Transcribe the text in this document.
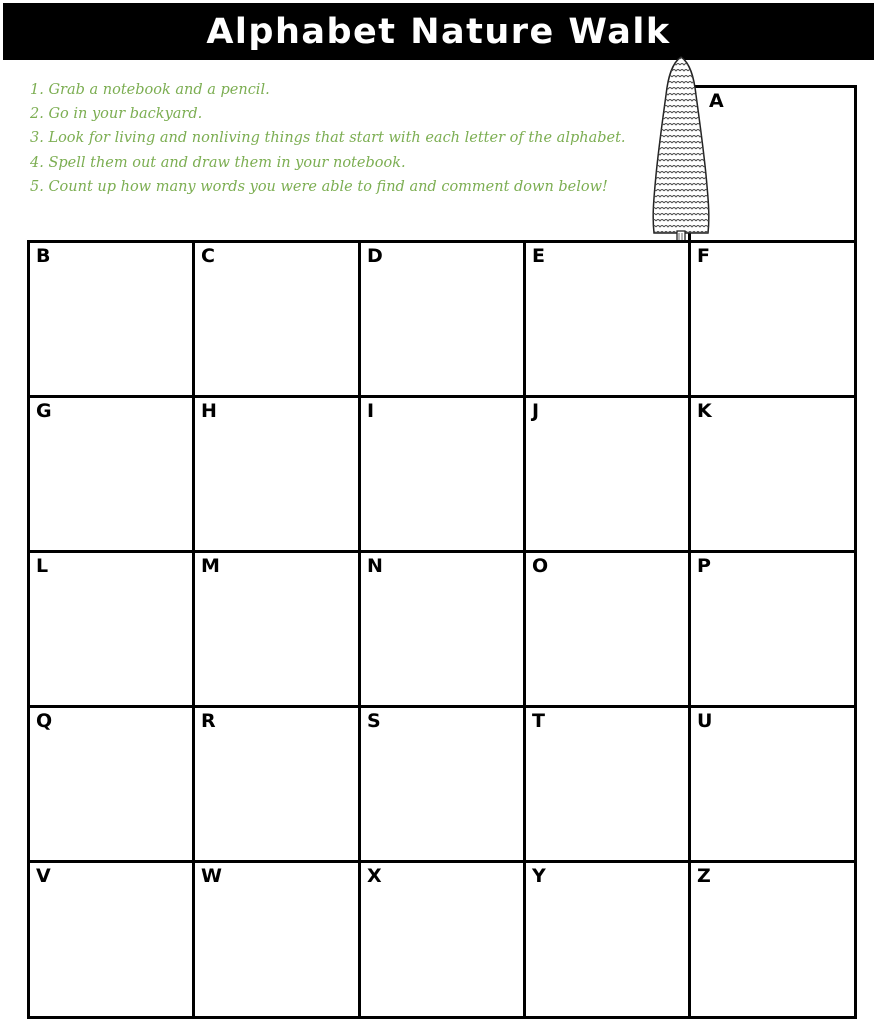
Alphabet Nature Walk
1. Grab a notebook and a pencil.
2. Go in your backyard.
3. Look for living and nonliving things that start with each letter of the alphabet.
4. Spell them out and draw them in your notebook.
5. Count up how many words you were able to find and comment down below!
A
B	C	D	E	F
G	H	I	J	K
L	M	N	O	P
Q	R	S	T	U
V	W	X	Y	Z
